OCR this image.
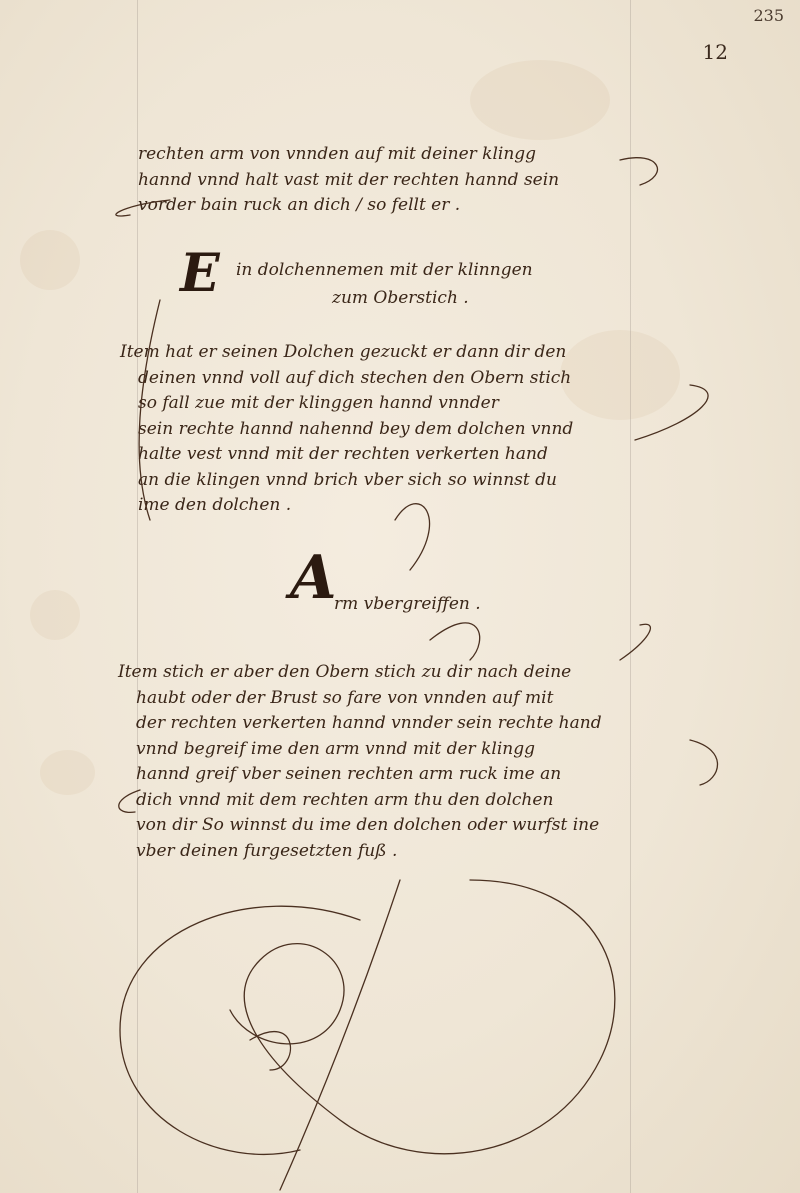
235
12
rechten arm von vnnden auf mit deiner klingg
hannd vnnd halt vast mit der rechten hannd sein
vorder bain ruck an dich / so fellt er .
E in dolchennemen mit der klinngen
zum Oberstich .
Item hat er seinen Dolchen gezuckt er dann dir den
deinen vnnd voll auf dich stechen den Obern stich
so fall zue mit der klinggen hannd vnnder
sein rechte hannd nahennd bey dem dolchen vnnd
halte vest vnnd mit der rechten verkerten hand
an die klingen vnnd brich vber sich so winnst du
ime den dolchen .
A
rm vbergreiffen .
Item stich er aber den Obern stich zu dir nach deine
haubt oder der Brust so fare von vnnden auf mit
der rechten verkerten hannd vnnder sein rechte hand
vnnd begreif ime den arm vnnd mit der klingg
hannd greif vber seinen rechten arm ruck ime an
dich vnnd mit dem rechten arm thu den dolchen
von dir So winnst du ime den dolchen oder wurfst ine
vber deinen furgesetzten fuß .
